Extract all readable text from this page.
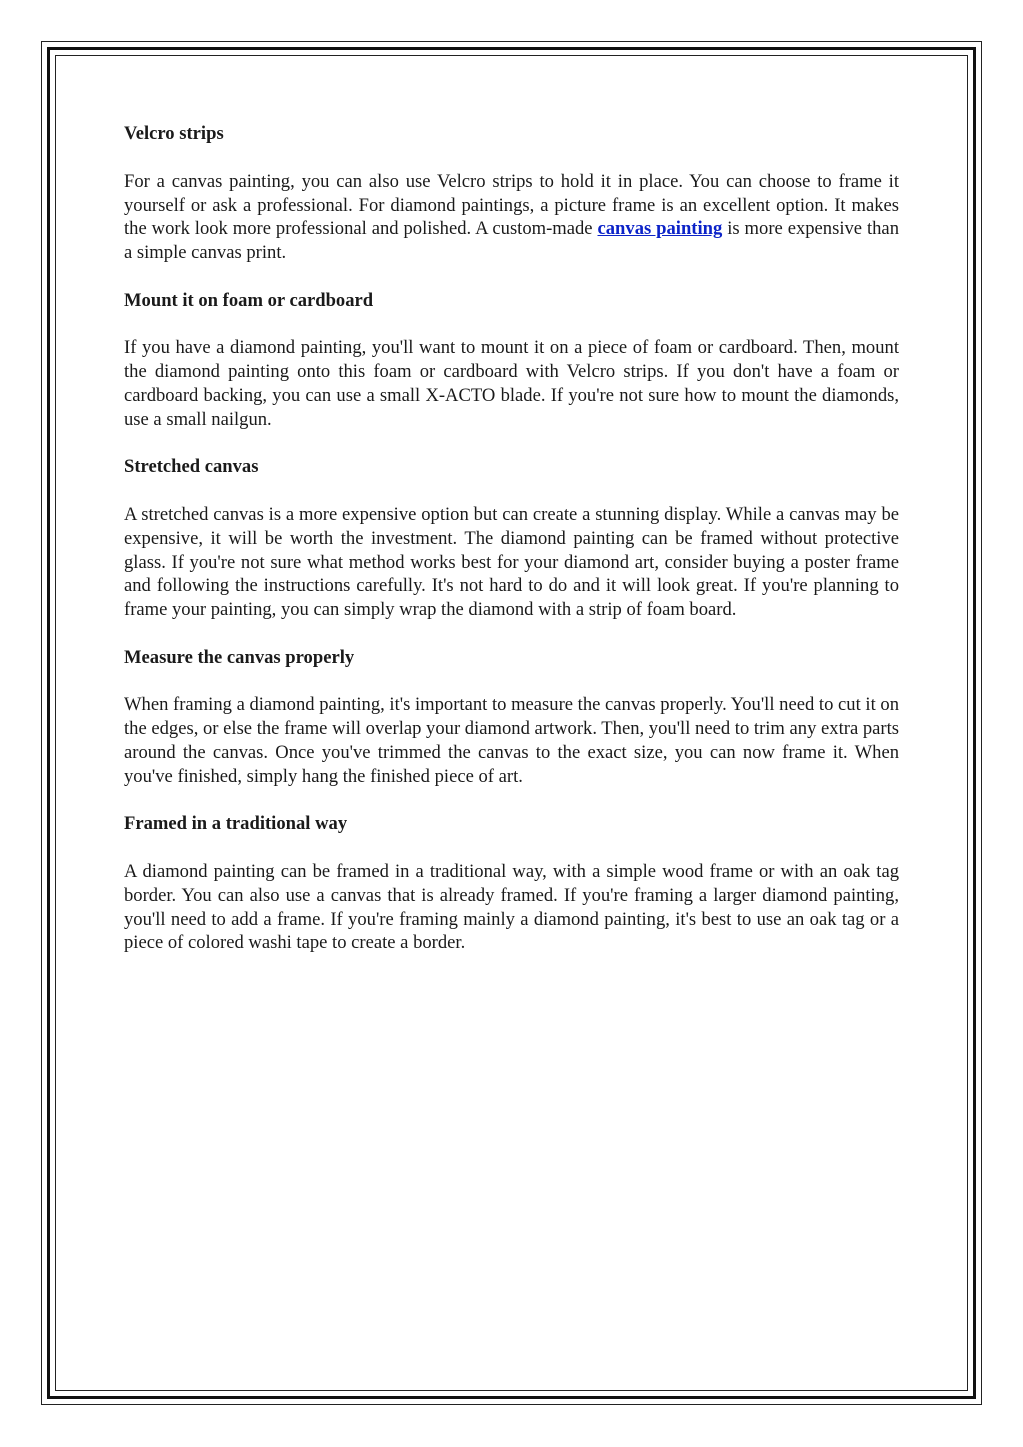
Velcro strips

For a canvas painting, you can also use Velcro strips to hold it in place. You can choose to frame it yourself or ask a professional. For diamond paintings, a picture frame is an excellent option. It makes the work look more professional and polished. A custom-made canvas painting is more expensive than a simple canvas print.

Mount it on foam or cardboard

If you have a diamond painting, you'll want to mount it on a piece of foam or cardboard. Then, mount the diamond painting onto this foam or cardboard with Velcro strips. If you don't have a foam or cardboard backing, you can use a small X-ACTO blade. If you're not sure how to mount the diamonds, use a small nailgun.

Stretched canvas

A stretched canvas is a more expensive option but can create a stunning display. While a canvas may be expensive, it will be worth the investment. The diamond painting can be framed without protective glass. If you're not sure what method works best for your diamond art, consider buying a poster frame and following the instructions carefully. It's not hard to do and it will look great. If you're planning to frame your painting, you can simply wrap the diamond with a strip of foam board.

Measure the canvas properly

When framing a diamond painting, it's important to measure the canvas properly. You'll need to cut it on the edges, or else the frame will overlap your diamond artwork. Then, you'll need to trim any extra parts around the canvas. Once you've trimmed the canvas to the exact size, you can now frame it. When you've finished, simply hang the finished piece of art.

Framed in a traditional way

A diamond painting can be framed in a traditional way, with a simple wood frame or with an oak tag border. You can also use a canvas that is already framed. If you're framing a larger diamond painting, you'll need to add a frame. If you're framing mainly a diamond painting, it's best to use an oak tag or a piece of colored washi tape to create a border.
